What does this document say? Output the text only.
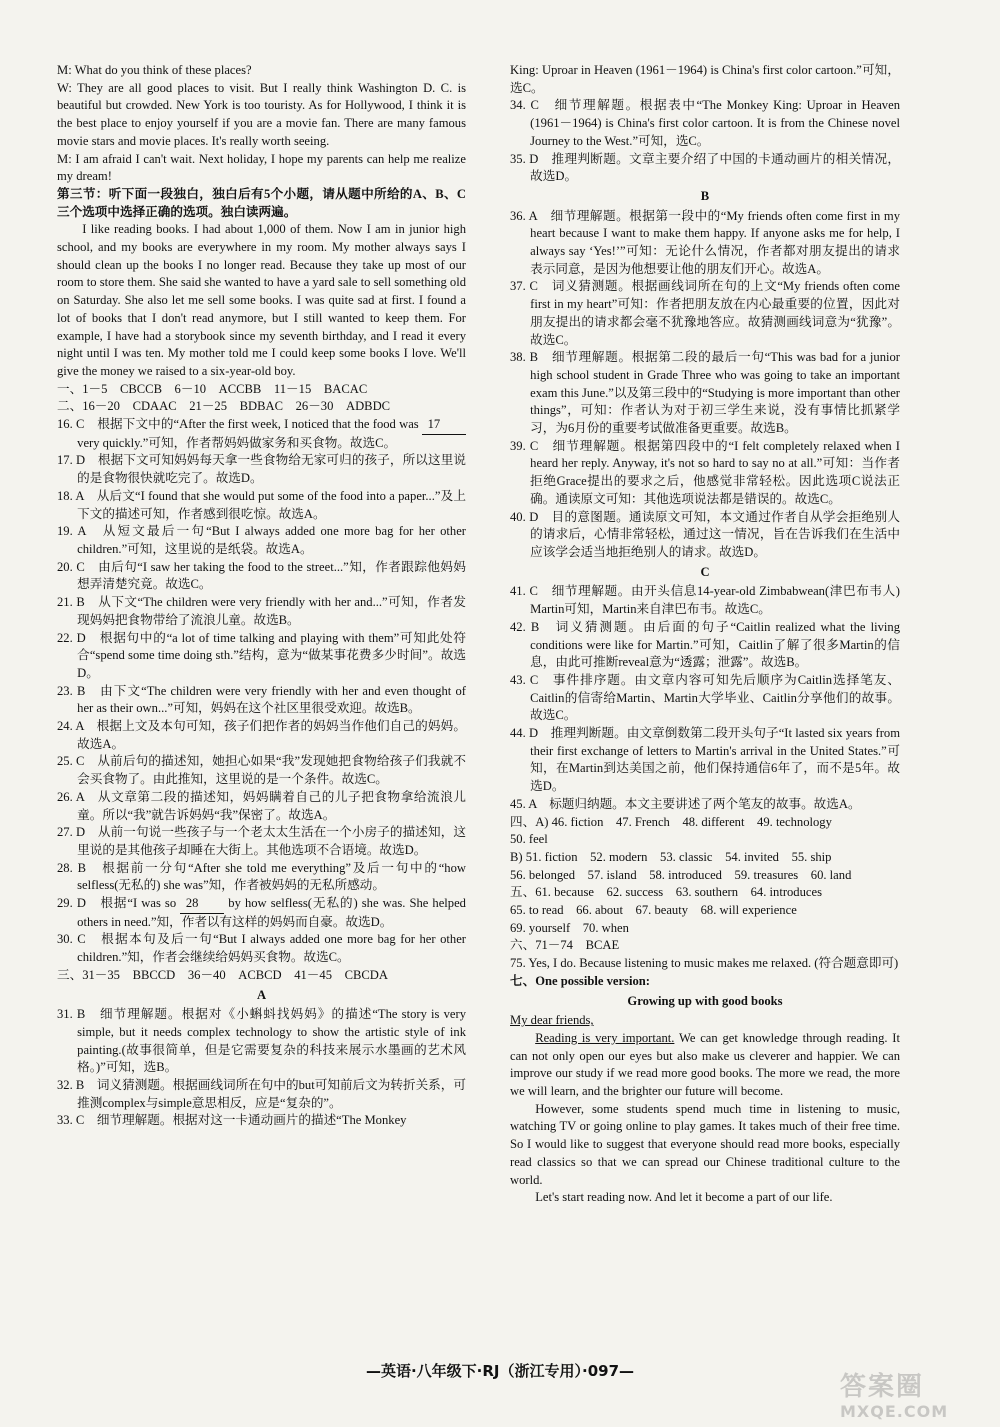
M: What do you think of these places?

W: They are all good places to visit. But I really think Washington D. C. is beautiful but crowded. New York is too touristy. As for Hollywood, I think it is the best place to enjoy yourself if you are a movie fan. There are many famous movie stars and movie places. It's really worth seeing.

M: I am afraid I can't wait. Next holiday, I hope my parents can help me realize my dream!

第三节：听下面一段独白，独白后有5个小题，请从题中所给的A、B、C三个选项中选择正确的选项。独白读两遍。

I like reading books. I had about 1,000 of them. Now I am in junior high school, and my books are everywhere in my room. My mother always says I should clean up the books I no longer read. Because they take up most of our room to store them. She said she wanted to have a yard sale to sell something old on Saturday. She also let me sell some books. I was quite sad at first. I found a lot of books that I don't read anymore, but I still wanted to keep them. For example, I have had a storybook since my seventh birthday, and I read it every night until I was ten. My mother told me I could keep some books I love. We'll give the money we raised to a six-year-old boy.

一、1－5　CBCCB　6－10　ACCBB　11－15　BACAC

二、16－20　CDAAC　21－25　BDBAC　26－30　ADBDC

16. C　根据下文中的“After the first week, I noticed that the food was 17 very quickly.”可知，作者帮妈妈做家务和买食物。故选C。

17. D　根据下文可知妈妈每天拿一些食物给无家可归的孩子，所以这里说的是食物很快就吃完了。故选D。

18. A　从后文“I found that she would put some of the food into a paper...”及上下文的描述可知，作者感到很吃惊。故选A。

19. A　从短文最后一句“But I always added one more bag for her other children.”可知，这里说的是纸袋。故选A。

20. C　由后句“I saw her taking the food to the street...”知，作者跟踪他妈妈想弄清楚究竟。故选C。

21. B　从下文“The children were very friendly with her and...”可知，作者发现妈妈把食物带给了流浪儿童。故选B。

22. D　根据句中的“a lot of time talking and playing with them”可知此处符合“spend some time doing sth.”结构，意为“做某事花费多少时间”。故选D。

23. B　由下文“The children were very friendly with her and even thought of her as their own...”可知，妈妈在这个社区里很受欢迎。故选B。

24. A　根据上文及本句可知，孩子们把作者的妈妈当作他们自己的妈妈。故选A。

25. C　从前后句的描述知，她担心如果“我”发现她把食物给孩子们我就不会买食物了。由此推知，这里说的是一个条件。故选C。

26. A　从文章第二段的描述知，妈妈瞒着自己的儿子把食物拿给流浪儿童。所以“我”就告诉妈妈“我”保密了。故选A。

27. D　从前一句说一些孩子与一个老太太生活在一个小房子的描述知，这里说的是其他孩子却睡在大街上。其他选项不合语境。故选D。

28. B　根据前一分句“After she told me everything”及后一句中的“how selfless(无私的) she was”知，作者被妈妈的无私所感动。

29. D　根据“I was so 28 by how selfless(无私的) she was. She helped others in need.”知，作者以有这样的妈妈而自豪。故选D。

30. C　根据本句及后一句“But I always added one more bag for her other children.”知，作者会继续给妈妈买食物。故选C。

三、31－35　BBCCD　36－40　ACBCD　41－45　CBCDA

A

31. B　细节理解题。根据对《小蝌蚪找妈妈》的描述“The story is very simple, but it needs complex technology to show the artistic style of ink painting.(故事很简单，但是它需要复杂的科技来展示水墨画的艺术风格。)”可知，选B。

32. B　词义猜测题。根据画线词所在句中的but可知前后文为转折关系，可推测complex与simple意思相反，应是“复杂的”。

33. C　细节理解题。根据对这一卡通动画片的描述“The Monkey

King: Uproar in Heaven (1961－1964) is China's first color cartoon.”可知，选C。

34. C　细节理解题。根据表中“The Monkey King: Uproar in Heaven (1961－1964) is China's first color cartoon. It is from the Chinese novel Journey to the West.”可知，选C。

35. D　推理判断题。文章主要介绍了中国的卡通动画片的相关情况，故选D。

B

36. A　细节理解题。根据第一段中的“My friends often come first in my heart because I want to make them happy. If anyone asks me for help, I always say ‘Yes!’”可知：无论什么情况，作者都对朋友提出的请求表示同意，是因为他想要让他的朋友们开心。故选A。

37. C　词义猜测题。根据画线词所在句的上文“My friends often come first in my heart”可知：作者把朋友放在内心最重要的位置，因此对朋友提出的请求都会毫不犹豫地答应。故猜测画线词意为“犹豫”。故选C。

38. B　细节理解题。根据第二段的最后一句“This was bad for a junior high school student in Grade Three who was going to take an important exam this June.”以及第三段中的“Studying is more important than other things”，可知：作者认为对于初三学生来说，没有事情比抓紧学习，为6月份的重要考试做准备更重要。故选B。

39. C　细节理解题。根据第四段中的“I felt completely relaxed when I heard her reply. Anyway, it's not so hard to say no at all.”可知：当作者拒绝Grace提出的要求之后，他感觉非常轻松。因此选项C说法正确。通读原文可知：其他选项说法都是错误的。故选C。

40. D　目的意图题。通读原文可知，本文通过作者自从学会拒绝别人的请求后，心情非常轻松，通过这一情况，旨在告诉我们在生活中应该学会适当地拒绝别人的请求。故选D。

C

41. C　细节理解题。由开头信息14-year-old Zimbabwean(津巴布韦人) Martin可知，Martin来自津巴布韦。故选C。

42. B　词义猜测题。由后面的句子“Caitlin realized what the living conditions were like for Martin.”可知，Caitlin了解了很多Martin的信息，由此可推断reveal意为“透露；泄露”。故选B。

43. C　事件排序题。由文章内容可知先后顺序为Caitlin选择笔友、Caitlin的信寄给Martin、Martin大学毕业、Caitlin分享他们的故事。故选C。

44. D　推理判断题。由文章倒数第二段开头句子“It lasted six years from their first exchange of letters to Martin's arrival in the United States.”可知，在Martin到达美国之前，他们保持通信6年了，而不是5年。故选D。

45. A　标题归纳题。本文主要讲述了两个笔友的故事。故选A。

四、A) 46. fiction　47. French　48. different　49. technology

50. feel

B) 51. fiction　52. modern　53. classic　54. invited　55. ship

56. belonged　57. island　58. introduced　59. treasures　60. land

五、61. because　62. success　63. southern　64. introduces

65. to read　66. about　67. beauty　68. will experience

69. yourself　70. when

六、71－74　BCAE

75. Yes, I do. Because listening to music makes me relaxed. (符合题意即可)

七、One possible version:

Growing up with good books

My dear friends,

Reading is very important. We can get knowledge through reading. It can not only open our eyes but also make us cleverer and happier. We can improve our study if we read more good books. The more we read, the more we will learn, and the brighter our future will become.

However, some students spend much time in listening to music, watching TV or going online to play games. It takes much of their free time. So I would like to suggest that everyone should read more books, especially read classics so that we can spread our Chinese traditional culture to the world.

Let's start reading now. And let it become a part of our life.

—英语·八年级下·RJ（浙江专用）·097—
答案圈
MXQE.COM
